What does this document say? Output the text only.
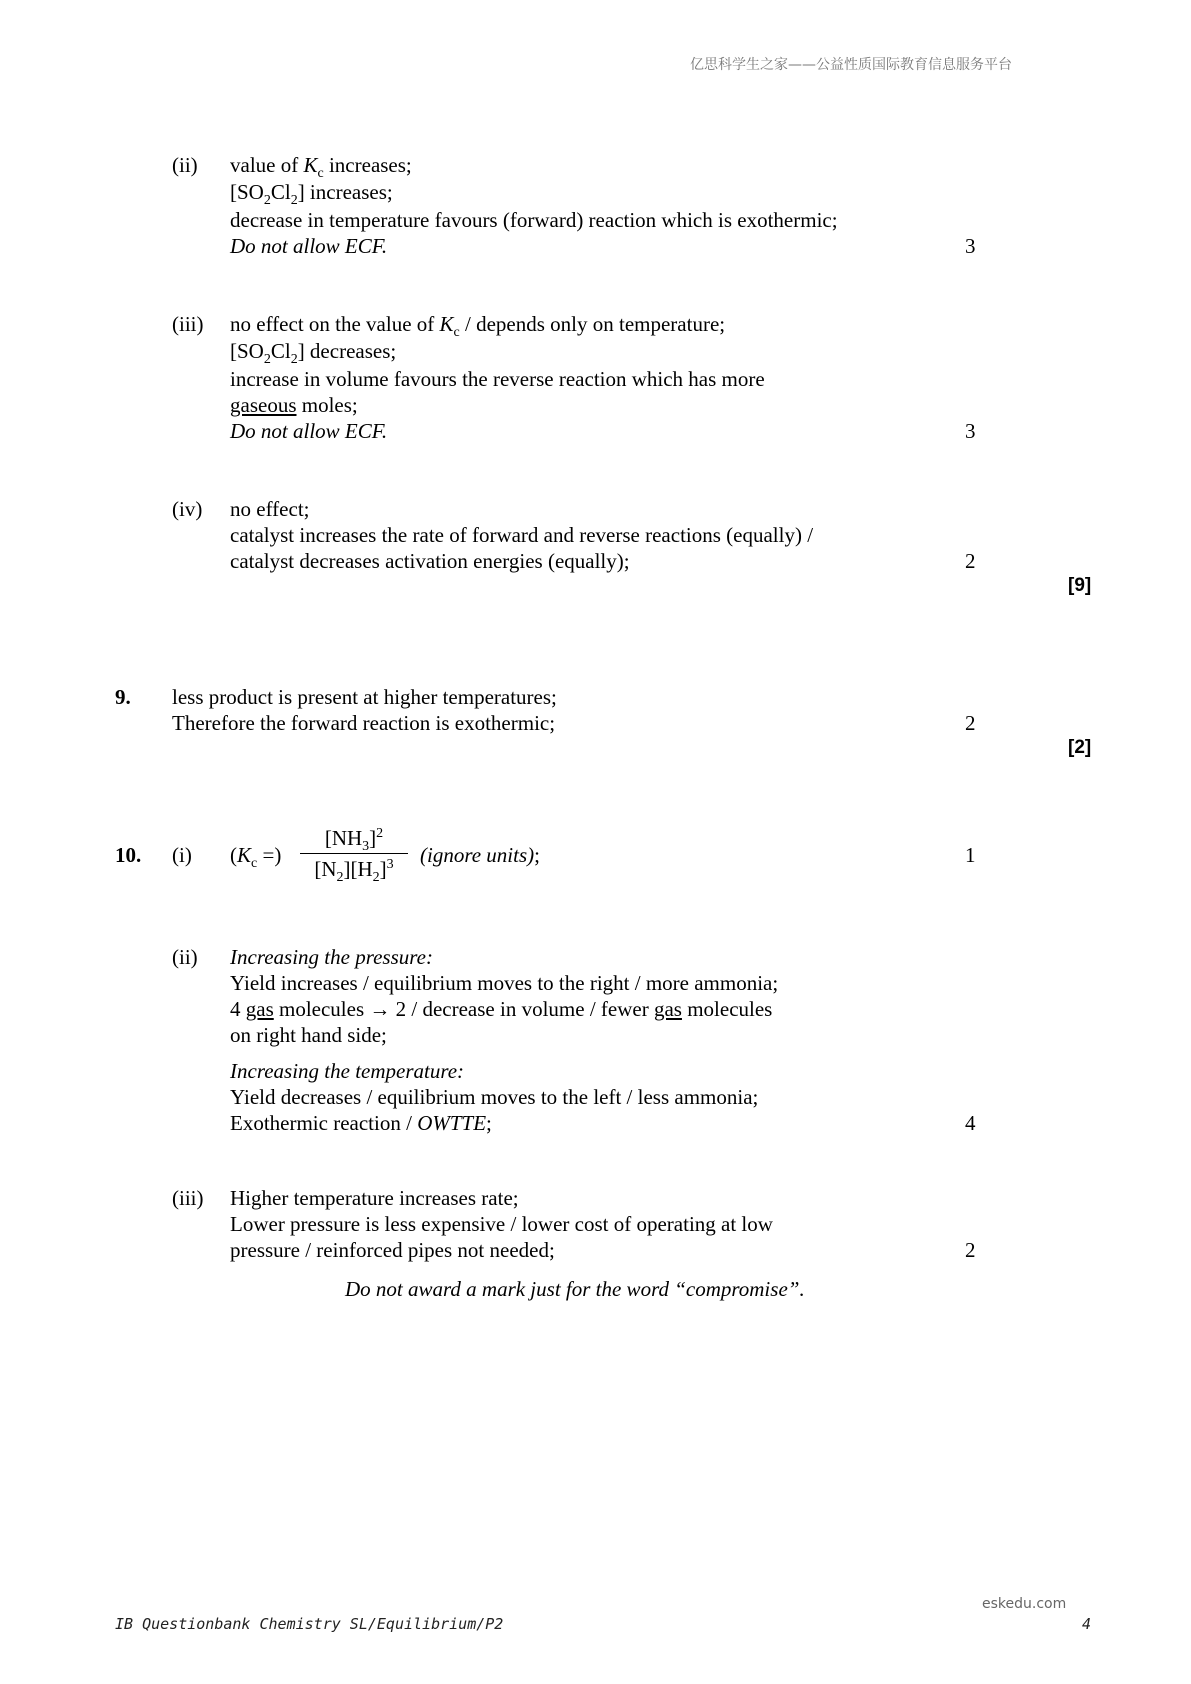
亿思科学生之家——公益性质国际教育信息服务平台
(ii) value of $K_c$ increases;
$[SO_2Cl_2]$ increases;
decrease in temperature favours (forward) reaction which is exothermic;
Do not allow ECF.	3
(iii) no effect on the value of $K_c$ / depends only on temperature;
$[SO_2Cl_2]$ decreases;
increase in volume favours the reverse reaction which has more
gaseous moles;
Do not allow ECF.	3
(iv) no effect;
catalyst increases the rate of forward and reverse reactions (equally) /
catalyst decreases activation energies (equally);	2
[9]
9. less product is present at higher temperatures;
Therefore the forward reaction is exothermic;	2
[2]
10. (i) ($K_c$ =)
$[NH_3]^2$
$[N_2][H_2]^3$	(ignore units);	1
(ii) Increasing the pressure:
Yield increases / equilibrium moves to the right / more ammonia;
4 gas molecules → 2 / decrease in volume / fewer gas molecules
on right hand side;
Increasing the temperature:
Yield decreases / equilibrium moves to the left / less ammonia;
Exothermic reaction / OWTTE;	4
(iii) Higher temperature increases rate;
Lower pressure is less expensive / lower cost of operating at low
pressure / reinforced pipes not needed;	2
Do not award a mark just for the word “compromise”.
eskedu.com
IB Questionbank Chemistry SL/Equilibrium/P2	4
